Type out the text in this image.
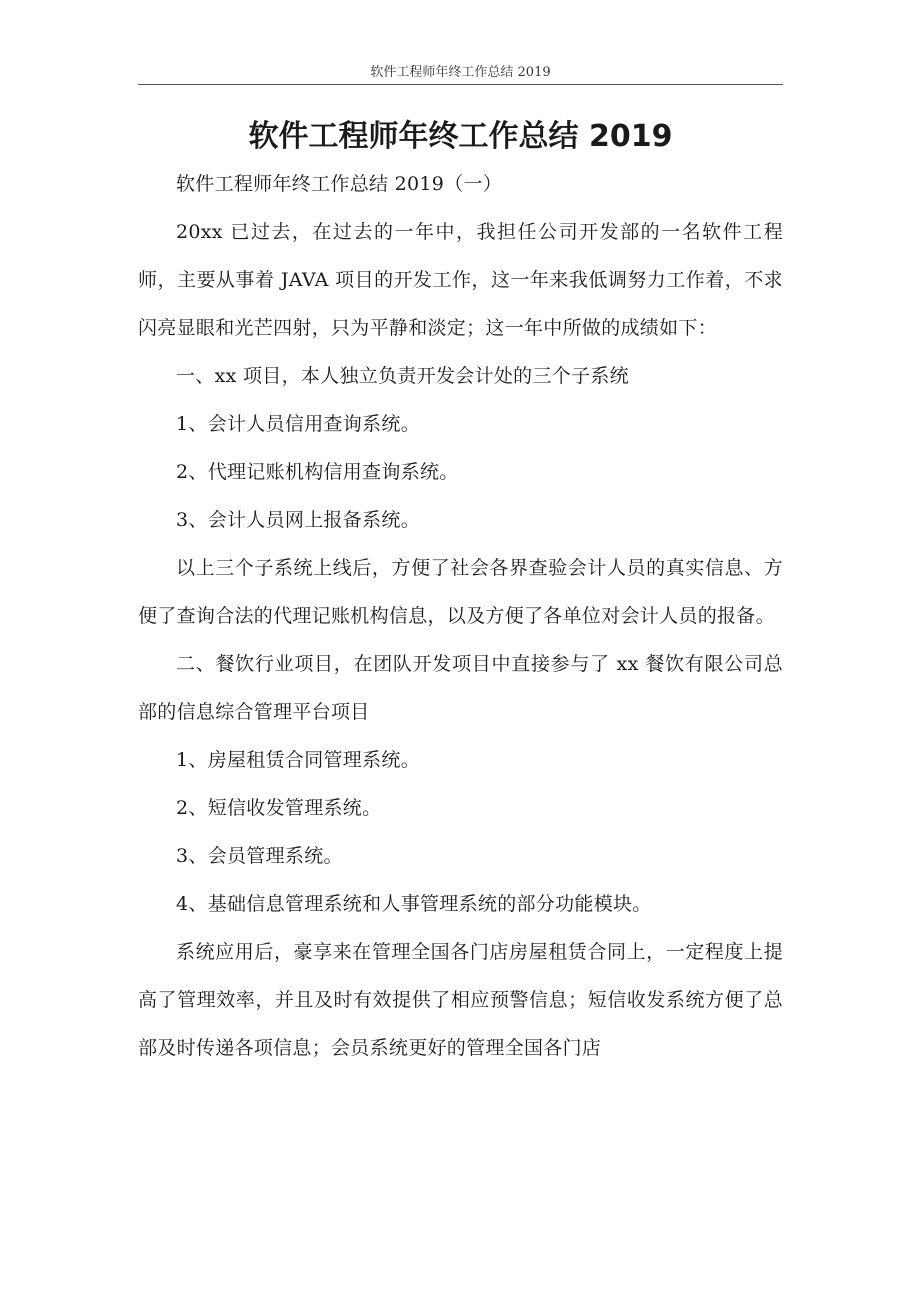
软件工程师年终工作总结 2019
软件工程师年终工作总结 2019

软件工程师年终工作总结 2019（一）

20xx 已过去，在过去的一年中，我担任公司开发部的一名软件工程师，主要从事着 JAVA 项目的开发工作，这一年来我低调努力工作着，不求闪亮显眼和光芒四射，只为平静和淡定；这一年中所做的成绩如下：

一、xx 项目，本人独立负责开发会计处的三个子系统

1、会计人员信用查询系统。

2、代理记账机构信用查询系统。

3、会计人员网上报备系统。

以上三个子系统上线后，方便了社会各界查验会计人员的真实信息、方便了查询合法的代理记账机构信息，以及方便了各单位对会计人员的报备。

二、餐饮行业项目，在团队开发项目中直接参与了 xx 餐饮有限公司总部的信息综合管理平台项目

1、房屋租赁合同管理系统。

2、短信收发管理系统。

3、会员管理系统。

4、基础信息管理系统和人事管理系统的部分功能模块。

系统应用后，豪享来在管理全国各门店房屋租赁合同上，一定程度上提高了管理效率，并且及时有效提供了相应预警信息；短信收发系统方便了总部及时传递各项信息；会员系统更好的管理全国各门店
